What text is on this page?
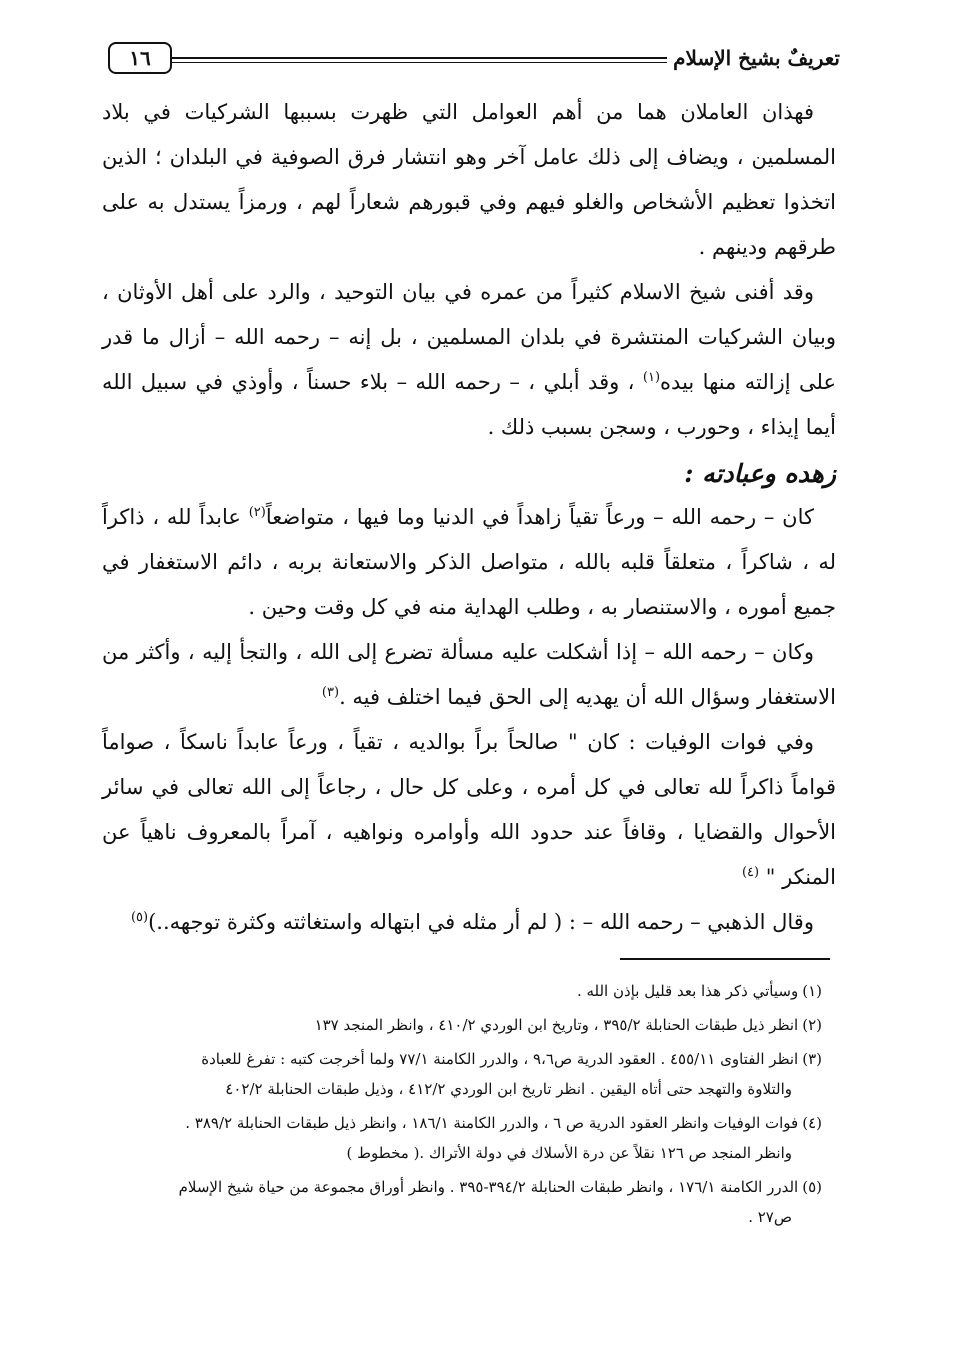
تعريفٌ بشيخ الإسلام
١٦

فهذان العاملان هما من أهم العوامل التي ظهرت بسببها الشركيات في بلاد المسلمين ، ويضاف إلى ذلك عامل آخر وهو انتشار فرق الصوفية في البلدان ؛ الذين اتخذوا تعظيم الأشخاص والغلو فيهم وفي قبورهم شعاراً لهم ، ورمزاً يستدل به على طرقهم ودينهم .

وقد أفنى شيخ الاسلام كثيراً من عمره في بيان التوحيد ، والرد على أهل الأوثان ، وبيان الشركيات المنتشرة في بلدان المسلمين ، بل إنه – رحمه الله – أزال ما قدر على إزالته منها بيده$^{(١)}$ ، وقد أبلي ، – رحمه الله – بلاء حسناً ، وأوذي في سبيل الله أيما إيذاء ، وحورب ، وسجن بسبب ذلك .

زهده وعبادته :

كان – رحمه الله – ورعاً تقياً زاهداً في الدنيا وما فيها ، متواضعاً$^{(٢)}$ عابداً لله ، ذاكراً له ، شاكراً ، متعلقاً قلبه بالله ، متواصل الذكر والاستعانة بربه ، دائم الاستغفار في جميع أموره ، والاستنصار به ، وطلب الهداية منه في كل وقت وحين .

وكان – رحمه الله – إذا أشكلت عليه مسألة تضرع إلى الله ، والتجأ إليه ، وأكثر من الاستغفار وسؤال الله أن يهديه إلى الحق فيما اختلف فيه .$^{(٣)}$

وفي فوات الوفيات : كان " صالحاً براً بوالديه ، تقياً ، ورعاً عابداً ناسكاً ، صواماً قواماً ذاكراً لله تعالى في كل أمره ، وعلى كل حال ، رجاعاً إلى الله تعالى في سائر الأحوال والقضايا ، وقافاً عند حدود الله وأوامره ونواهيه ، آمراً بالمعروف ناهياً عن المنكر " $^{(٤)}$

وقال الذهبي – رحمه الله – : ( لم أر مثله في ابتهاله واستغاثته وكثرة توجهه..)$^{(٥)}$

(١)وسيأتي ذكر هذا بعد قليل بإذن الله .
(٢)انظر ذيل طبقات الحنابلة ٣٩٥/٢ ، وتاريخ ابن الوردي ٤١٠/٢ ، وانظر المنجد ١٣٧
(٣)انظر الفتاوى ٤٥٥/١١ . العقود الدرية ص٩،٦ ، والدرر الكامنة ٧٧/١ ولما أخرجت كتبه : تفرغ للعبادة
والتلاوة والتهجد حتى أتاه اليقين . انظر تاريخ ابن الوردي ٤١٢/٢ ، وذيل طبقات الحنابلة ٤٠٢/٢
(٤)فوات الوفيات وانظر العقود الدرية ص ٦ ، والدرر الكامنة ١٨٦/١ ، وانظر ذيل طبقات الحنابلة ٣٨٩/٢ .
وانظر المنجد ص ١٢٦ نقلاً عن درة الأسلاك في دولة الأتراك .( مخطوط )
(٥)الدرر الكامنة ١٧٦/١ ، وانظر طبقات الحنابلة ٣٩٤/٢-٣٩٥ . وانظر أوراق مجموعة من حياة شيخ الإسلام
ص٢٧ .
